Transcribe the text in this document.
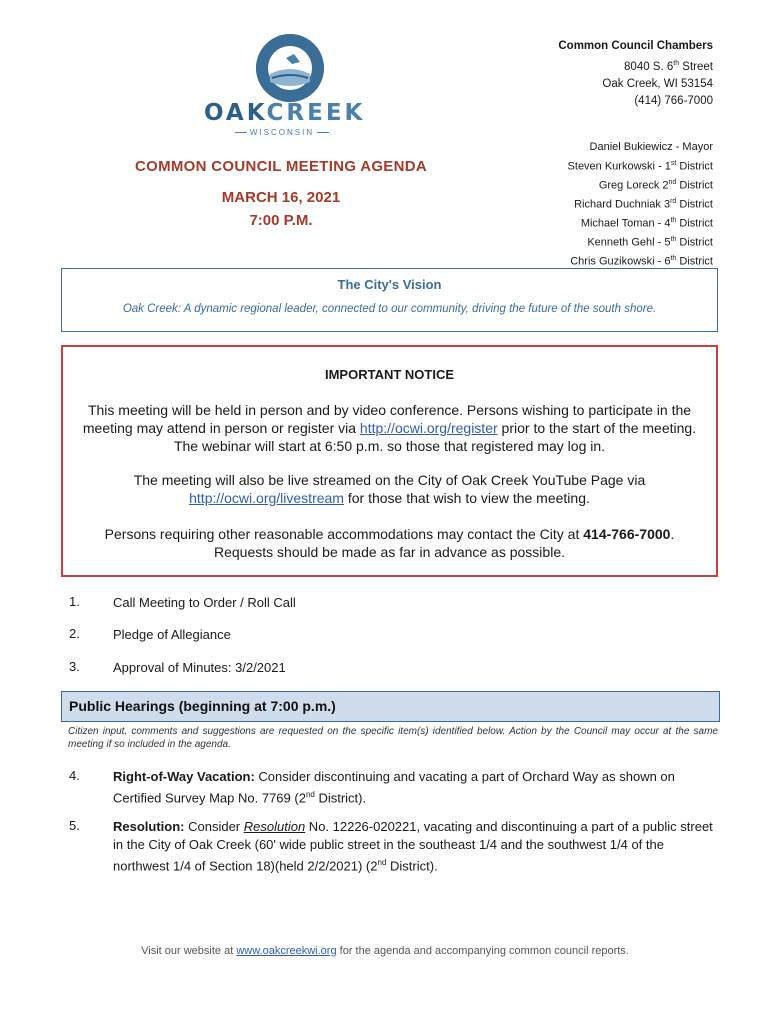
OAKCREEK
WISCONSIN
Common Council Chambers
8040 S. 6th Street
Oak Creek, WI 53154
(414) 766-7000
COMMON COUNCIL MEETING AGENDA
MARCH 16, 2021
7:00 P.M.
Daniel Bukiewicz - Mayor
Steven Kurkowski - 1st District
Greg Loreck 2nd District
Richard Duchniak 3rd District
Michael Toman - 4th District
Kenneth Gehl - 5th District
Chris Guzikowski - 6th District
The City's Vision
Oak Creek: A dynamic regional leader, connected to our community, driving the future of the south shore.
IMPORTANT NOTICE
This meeting will be held in person and by video conference. Persons wishing to participate in the meeting may attend in person or register via http://ocwi.org/register prior to the start of the meeting. The webinar will start at 6:50 p.m. so those that registered may log in.
The meeting will also be live streamed on the City of Oak Creek YouTube Page via http://ocwi.org/livestream for those that wish to view the meeting.
Persons requiring other reasonable accommodations may contact the City at 414-766-7000. Requests should be made as far in advance as possible.
1.	Call Meeting to Order / Roll Call
2.	Pledge of Allegiance
3.	Approval of Minutes: 3/2/2021
Public Hearings (beginning at 7:00 p.m.)
Citizen input, comments and suggestions are requested on the specific item(s) identified below. Action by the Council may occur at the same meeting if so included in the agenda.
4.	Right-of-Way Vacation: Consider discontinuing and vacating a part of Orchard Way as shown on Certified Survey Map No. 7769 (2nd District).
5.	Resolution: Consider Resolution No. 12226-020221, vacating and discontinuing a part of a public street in the City of Oak Creek (60' wide public street in the southeast 1/4 and the southwest 1/4 of the northwest 1/4 of Section 18)(held 2/2/2021) (2nd District).
Visit our website at www.oakcreekwi.org for the agenda and accompanying common council reports.
